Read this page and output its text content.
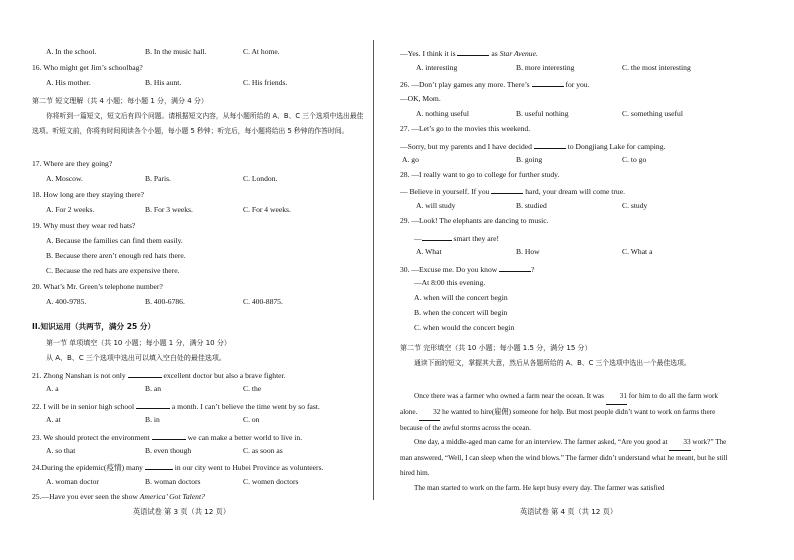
A. In the school.	B. In the music hall.	C. At home.
16. Who might get Jim’s schoolbag?
A. His mother.	B. His aunt.	C. His friends.
第二节 短文理解（共 4 小题；每小题 1 分，满分 4 分）
你将听到一篇短文，短文后有四个问题。请根据短文内容，从每小题所给的 A、B、C 三个选项中选出最佳选项。听短文前，你将有时间阅读各个小题，每小题 5 秒钟；听完后，每小题将给出 5 秒钟的作答时间。
17. Where are they going?
A. Moscow.	B. Paris.	C. London.
18. How long are they staying there?
A. For 2 weeks.	B. For 3 weeks.	C. For 4 weeks.
19. Why must they wear red hats?
A. Because the families can find them easily.
B. Because there aren’t enough red hats there.
C. Because the red hats are expensive there.
20. What’s Mr. Green’s telephone number?
A. 400-9785.	B. 400-6786.	C. 400-8875.
II.知识运用（共两节，满分 25 分）
第一节 单项填空（共 10 小题；每小题 1 分，满分 10 分）
从 A、B、C 三个选项中选出可以填入空白处的最佳选项。
21. Zhong Nanshan is not only	excellent doctor but also a brave fighter.
A. a	B. an	C. the
22. I will be in senior high school	a month. I can’t believe the time went by so fast.
A. at	B. in	C. on
23. We should protect the environment	we can make a better world to live in.
A. so that	B. even though	C. as soon as
24.During the epidemic(疫情) many	in our city went to Hubei Province as volunteers.
A. woman doctor	B. woman doctors	C. women doctors
25.—Have you ever seen the show America’ Got Talent?
英语试卷 第 3 页（共 12 页）
—Yes. I think it is	as Star Avenue.
A. interesting	B. more interesting	C. the most interesting
26. —Don’t play games any more. There’s	for you.
—OK, Mom.
A. nothing useful	B. useful nothing	C. something useful
27. —Let’s go to the movies this weekend.
—Sorry, but my parents and I have decided	to Dongjiang Lake for camping.
A. go	B. going	C. to go
28. —I really want to go to college for further study.
— Believe in yourself. If you	hard, your dream will come true.
A. will study	B. studied	C. study
29. —Look! The elephants are dancing to music.
—	smart they are!
A. What	B. How	C. What a
30. —Excuse me. Do you know	?
—At 8:00 this evening.
A. when will the concert begin
B. when the concert will begin
C. when would the concert begin
第二节 完形填空（共 10 小题；每小题 1.5 分，满分 15 分）
通读下面的短文，掌握其大意，然后从各题所给的 A、B、C 三个选项中选出一个最佳选项。
Once there was a farmer who owned a farm near the ocean. It was 31 for him to do all the farm work alone. 32 he wanted to hire(雇佣) someone for help. But most people didn’t want to work on farms there because of the awful storms across the ocean.
One day, a middle-aged man came for an interview. The farmer asked, “Are you good at 33 work?” The man answered, “Well, I can sleep when the wind blows.” The farmer didn’t understand what he meant, but he still hired him.
The man started to work on the farm. He kept busy every day. The farmer was satisfied
英语试卷 第 4 页（共 12 页）
